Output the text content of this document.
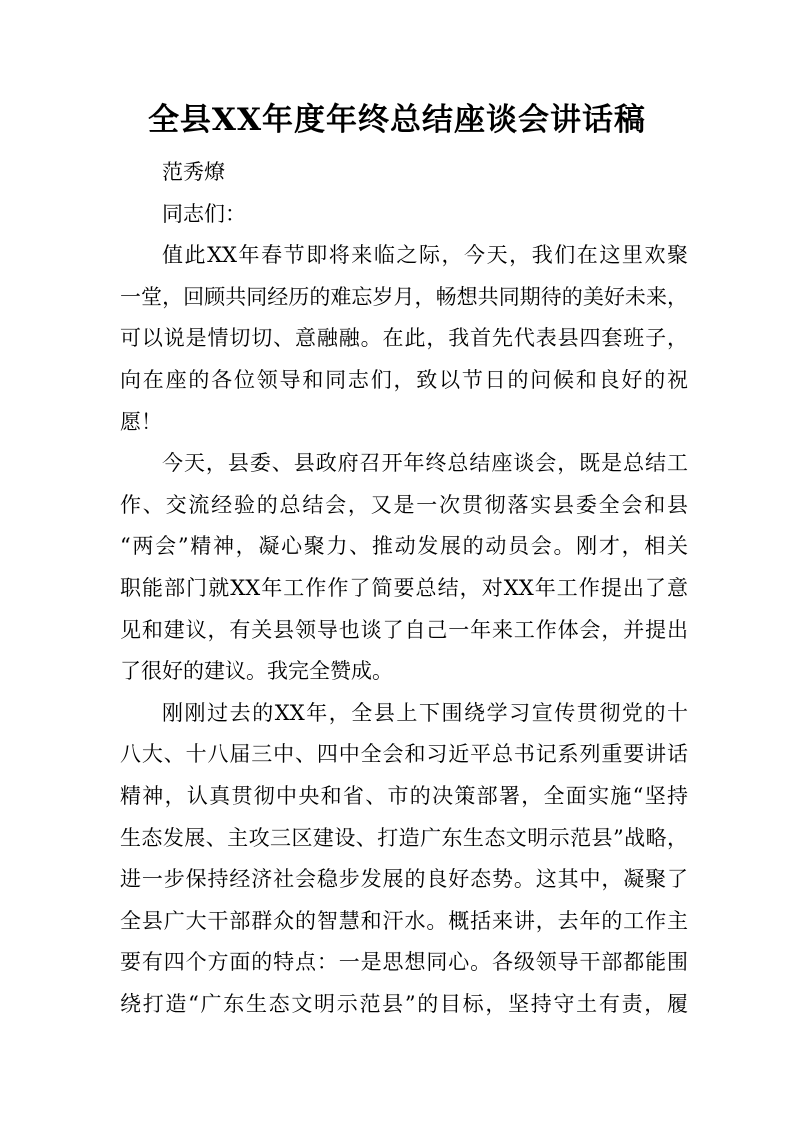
全县XX年度年终总结座谈会讲话稿
范秀燎
同志们：
值此XX年春节即将来临之际，今天，我们在这里欢聚
一堂，回顾共同经历的难忘岁月，畅想共同期待的美好未来，
可以说是情切切、意融融。在此，我首先代表县四套班子，
向在座的各位领导和同志们，致以节日的问候和良好的祝
愿！
今天，县委、县政府召开年终总结座谈会，既是总结工
作、交流经验的总结会，又是一次贯彻落实县委全会和县
“两会”精神，凝心聚力、推动发展的动员会。刚才，相关
职能部门就XX年工作作了简要总结，对XX年工作提出了意
见和建议，有关县领导也谈了自己一年来工作体会，并提出
了很好的建议。我完全赞成。
刚刚过去的XX年，全县上下围绕学习宣传贯彻党的十
八大、十八届三中、四中全会和习近平总书记系列重要讲话
精神，认真贯彻中央和省、市的决策部署，全面实施“坚持
生态发展、主攻三区建设、打造广东生态文明示范县”战略，
进一步保持经济社会稳步发展的良好态势。这其中，凝聚了
全县广大干部群众的智慧和汗水。概括来讲，去年的工作主
要有四个方面的特点：一是思想同心。各级领导干部都能围
绕打造“广东生态文明示范县”的目标，坚持守土有责，履
